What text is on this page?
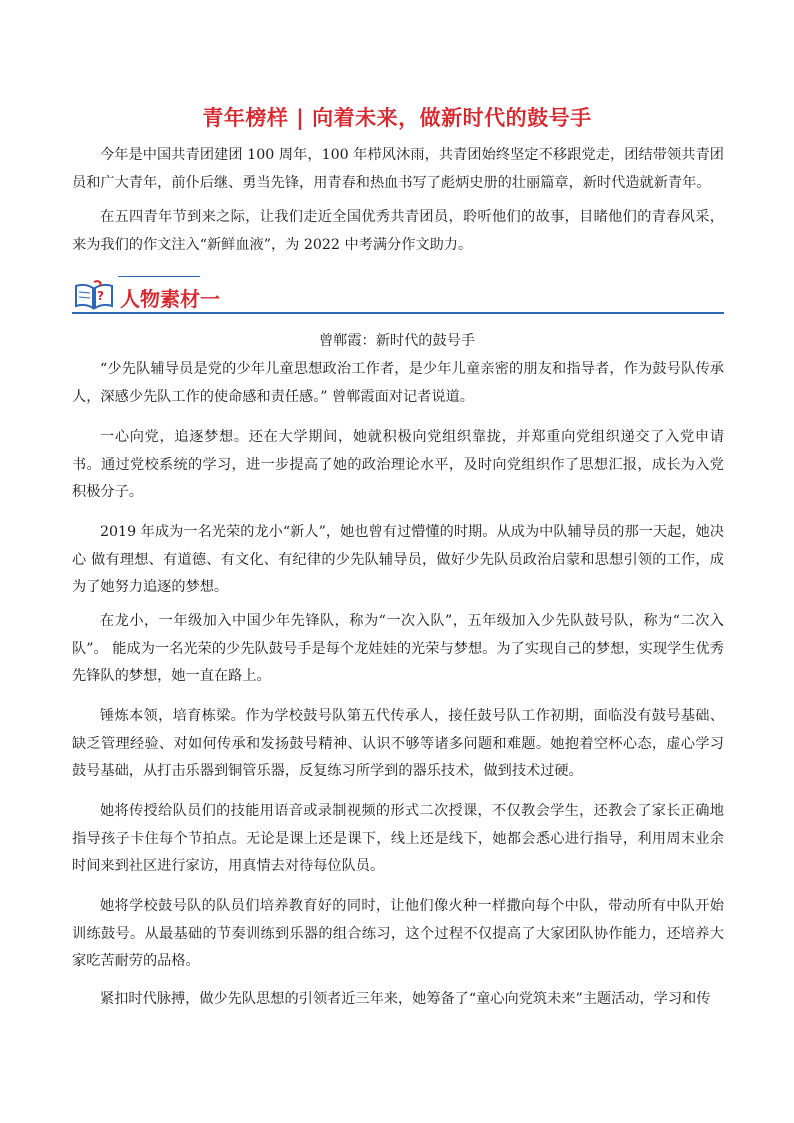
青年榜样 | 向着未来，做新时代的鼓号手

今年是中国共青团建团 100 周年，100 年栉风沐雨，共青团始终坚定不移跟党走，团结带领共青团员和广大青年，前仆后继、勇当先锋，用青春和热血书写了彪炳史册的壮丽篇章，新时代造就新青年。

在五四青年节到来之际，让我们走近全国优秀共青团员，聆听他们的故事，目睹他们的青春风采，来为我们的作文注入“新鲜血液”，为 2022 中考满分作文助力。

? 人物素材一
曾郸霞：新时代的鼓号手

“少先队辅导员是党的少年儿童思想政治工作者，是少年儿童亲密的朋友和指导者，作为鼓号队传承人，深感少先队工作的使命感和责任感。” 曾郸霞面对记者说道。

一心向党，追逐梦想。还在大学期间，她就积极向党组织靠拢，并郑重向党组织递交了入党申请书。通过党校系统的学习，进一步提高了她的政治理论水平，及时向党组织作了思想汇报，成长为入党积极分子。

2019 年成为一名光荣的龙小“新人”，她也曾有过懵懂的时期。从成为中队辅导员的那一天起，她决心 做有理想、有道德、有文化、有纪律的少先队辅导员，做好少先队员政治启蒙和思想引领的工作，成为了她努力追逐的梦想。

在龙小，一年级加入中国少年先锋队，称为“一次入队”，五年级加入少先队鼓号队，称为“二次入队”。 能成为一名光荣的少先队鼓号手是每个龙娃娃的光荣与梦想。为了实现自己的梦想，实现学生优秀先锋队的梦想，她一直在路上。

锤炼本领，培育栋梁。作为学校鼓号队第五代传承人，接任鼓号队工作初期，面临没有鼓号基础、缺乏管理经验、对如何传承和发扬鼓号精神、认识不够等诸多问题和难题。她抱着空杯心态，虚心学习鼓号基础，从打击乐器到铜管乐器，反复练习所学到的器乐技术，做到技术过硬。

她将传授给队员们的技能用语音或录制视频的形式二次授课，不仅教会学生，还教会了家长正确地指导孩子卡住每个节拍点。无论是课上还是课下，线上还是线下，她都会悉心进行指导，利用周末业余时间来到社区进行家访，用真情去对待每位队员。

她将学校鼓号队的队员们培养教育好的同时，让他们像火种一样撒向每个中队，带动所有中队开始训练鼓号。从最基础的节奏训练到乐器的组合练习，这个过程不仅提高了大家团队协作能力，还培养大家吃苦耐劳的品格。

紧扣时代脉搏，做少先队思想的引领者近三年来，她筹备了“童心向党筑未来”主题活动，学习和传
